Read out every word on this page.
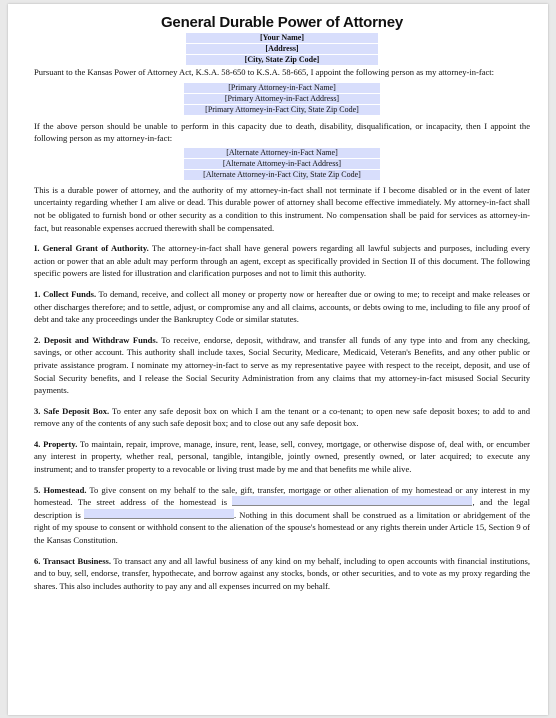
General Durable Power of Attorney
[Your Name]
[Address]
[City, State Zip Code]

Pursuant to the Kansas Power of Attorney Act, K.S.A. 58-650 to K.S.A. 58-665, I appoint the following person as my attorney-in-fact:

[Primary Attorney-in-Fact Name]
[Primary Attorney-in-Fact Address]
[Primary Attorney-in-Fact City, State Zip Code]

If the above person should be unable to perform in this capacity due to death, disability, disqualification, or incapacity, then I appoint the following person as my attorney-in-fact:

[Alternate Attorney-in-Fact Name]
[Alternate Attorney-in-Fact Address]
[Alternate Attorney-in-Fact City, State Zip Code]

This is a durable power of attorney, and the authority of my attorney-in-fact shall not terminate if I become disabled or in the event of later uncertainty regarding whether I am alive or dead. This durable power of attorney shall become effective immediately. My attorney-in-fact shall not be obligated to furnish bond or other security as a condition to this instrument. No compensation shall be paid for services as attorney-in-fact, but reasonable expenses accrued therewith shall be compensated.

I. General Grant of Authority. The attorney-in-fact shall have general powers regarding all lawful subjects and purposes, including every action or power that an able adult may perform through an agent, except as specifically provided in Section II of this document. The following specific powers are listed for illustration and clarification purposes and not to limit this authority.

1. Collect Funds. To demand, receive, and collect all money or property now or hereafter due or owing to me; to receipt and make releases or other discharges therefore; and to settle, adjust, or compromise any and all claims, accounts, or debts owing to me, including to file any proof of debt and take any proceedings under the Bankruptcy Code or similar statutes.

2. Deposit and Withdraw Funds. To receive, endorse, deposit, withdraw, and transfer all funds of any type into and from any checking, savings, or other account. This authority shall include taxes, Social Security, Medicare, Medicaid, Veteran's Benefits, and any other public or private assistance program. I nominate my attorney-in-fact to serve as my representative payee with respect to the receipt, deposit, and use of Social Security benefits, and I release the Social Security Administration from any claims that my attorney-in-fact misused Social Security payments.

3. Safe Deposit Box. To enter any safe deposit box on which I am the tenant or a co-tenant; to open new safe deposit boxes; to add to and remove any of the contents of any such safe deposit box; and to close out any safe deposit box.

4. Property. To maintain, repair, improve, manage, insure, rent, lease, sell, convey, mortgage, or otherwise dispose of, deal with, or encumber any interest in property, whether real, personal, tangible, intangible, jointly owned, presently owned, or later acquired; to execute any instrument; and to transfer property to a revocable or living trust made by me and that benefits me while alive.

5. Homestead. To give consent on my behalf to the sale, gift, transfer, mortgage or other alienation of my homestead or any interest in my homestead. The street address of the homestead is	, and the legal description is	. Nothing in this document shall be construed as a limitation or abridgement of the right of my spouse to consent or withhold consent to the alienation of the spouse's homestead or any rights therein under Article 15, Section 9 of the Kansas Constitution.

6. Transact Business. To transact any and all lawful business of any kind on my behalf, including to open accounts with financial institutions, and to buy, sell, endorse, transfer, hypothecate, and borrow against any stocks, bonds, or other securities, and to vote as my proxy regarding the shares. This also includes authority to pay any and all expenses incurred on my behalf.
